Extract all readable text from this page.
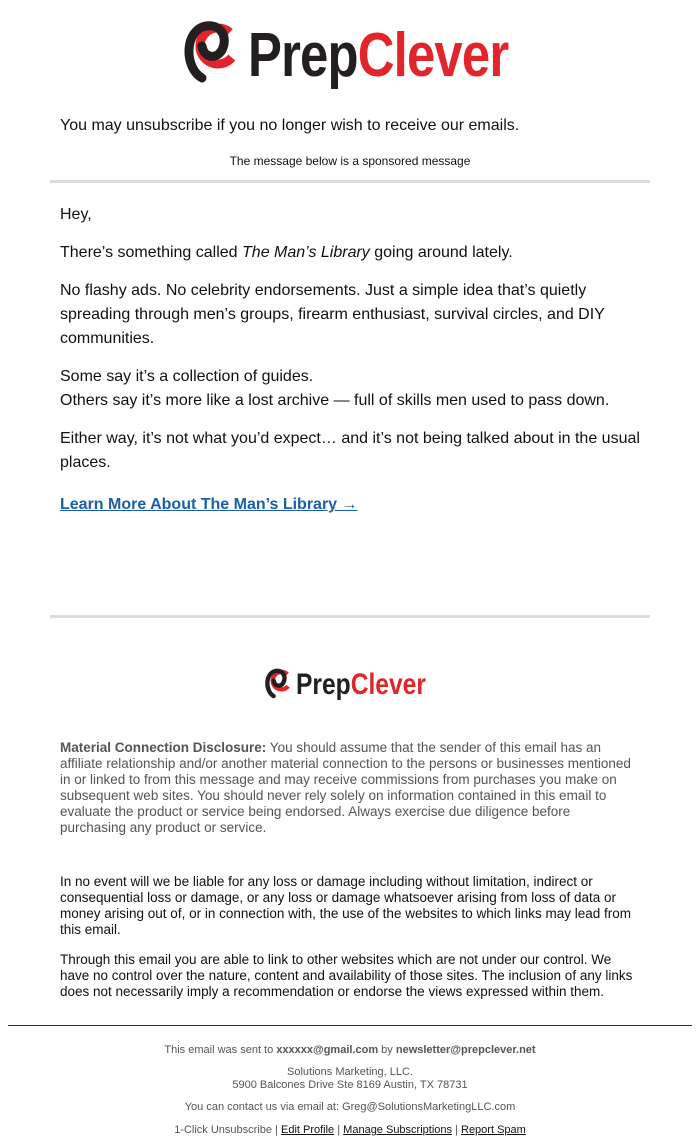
PrepClever
You may unsubscribe if you no longer wish to receive our emails.
The message below is a sponsored message

Hey,

There’s something called The Man’s Library going around lately.

No flashy ads. No celebrity endorsements. Just a simple idea that’s quietly spreading through men’s groups, firearm enthusiast, survival circles, and DIY communities.

Some say it’s a collection of guides.
Others say it’s more like a lost archive — full of skills men used to pass down.

Either way, it’s not what you’d expect… and it’s not being talked about in the usual places.

Learn More About The Man’s Library →

PrepClever

Material Connection Disclosure: You should assume that the sender of this email has an affiliate relationship and/or another material connection to the persons or businesses mentioned in or linked to from this message and may receive commissions from purchases you make on subsequent web sites. You should never rely solely on information contained in this email to evaluate the product or service being endorsed. Always exercise due diligence before purchasing any product or service.

In no event will we be liable for any loss or damage including without limitation, indirect or consequential loss or damage, or any loss or damage whatsoever arising from loss of data or money arising out of, or in connection with, the use of the websites to which links may lead from this email.

Through this email you are able to link to other websites which are not under our control. We have no control over the nature, content and availability of those sites. The inclusion of any links does not necessarily imply a recommendation or endorse the views expressed within them.

This email was sent to xxxxxx@gmail.com by newsletter@prepclever.net
Solutions Marketing, LLC.
5900 Balcones Drive Ste 8169 Austin, TX 78731
You can contact us via email at: Greg@SolutionsMarketingLLC.com
1-Click Unsubscribe | Edit Profile | Manage Subscriptions | Report Spam
